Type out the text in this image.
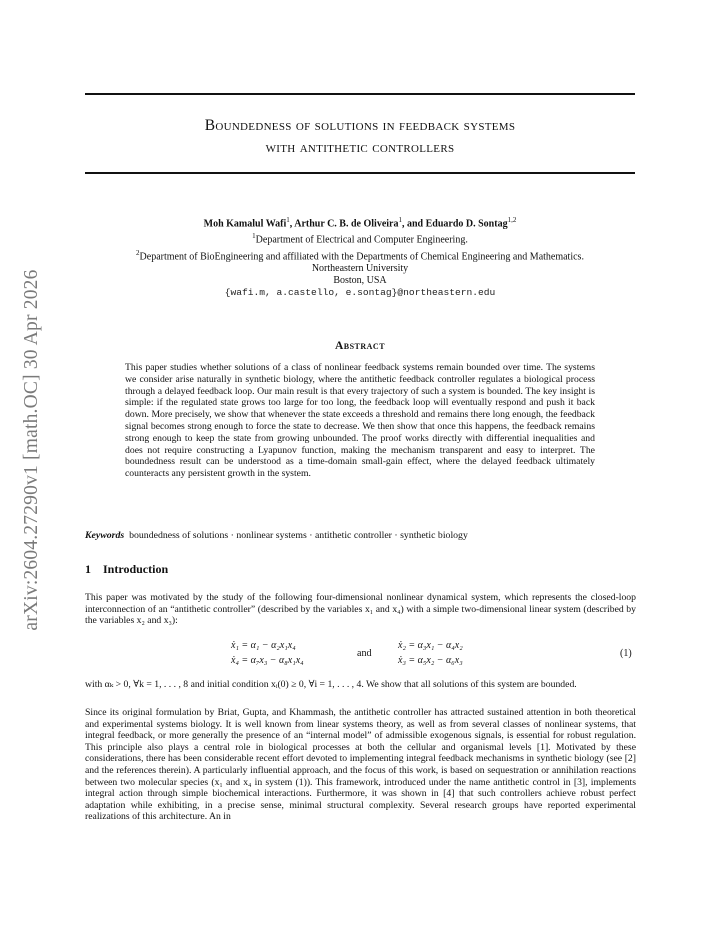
arXiv:2604.27290v1 [math.OC] 30 Apr 2026
Boundedness of solutions in feedback systems
with antithetic controllers
Moh Kamalul Wafi$^1$, Arthur C. B. de Oliveira$^1$, and Eduardo D. Sontag$^{1,2}$
$^1$Department of Electrical and Computer Engineering.
$^2$Department of BioEngineering and affiliated with the Departments of Chemical Engineering and Mathematics.
Northeastern University
Boston, USA
{wafi.m, a.castello, e.sontag}@northeastern.edu
Abstract
This paper studies whether solutions of a class of nonlinear feedback systems remain bounded over time. The systems we consider arise naturally in synthetic biology, where the antithetic feedback controller regulates a biological process through a delayed feedback loop. Our main result is that every trajectory of such a system is bounded. The key insight is simple: if the regulated state grows too large for too long, the feedback loop will eventually respond and push it back down. More precisely, we show that whenever the state exceeds a threshold and remains there long enough, the feedback signal becomes strong enough to force the state to decrease. We then show that once this happens, the feedback remains strong enough to keep the state from growing unbounded. The proof works directly with differential inequalities and does not require constructing a Lyapunov function, making the mechanism transparent and easy to interpret. The boundedness result can be understood as a time-domain small-gain effect, where the delayed feedback ultimately counteracts any persistent growth in the system.
Keywords boundedness of solutions · nonlinear systems · antithetic controller · synthetic biology
1 Introduction
This paper was motivated by the study of the following four-dimensional nonlinear dynamical system, which represents the closed-loop interconnection of an “antithetic controller” (described by the variables x₁ and x₄) with a simple two-dimensional linear system (described by the variables x₂ and x₃):
ẋ₁ = α₁ − α₂x₁x₄
ẋ₄ = α₇x₃ − α₈x₁x₄
and
ẋ₂ = α₃x₁ − α₄x₂
ẋ₃ = α₅x₂ − α₆x₃
(1)
with αₖ > 0, ∀k = 1, . . . , 8 and initial condition xᵢ(0) ≥ 0, ∀i = 1, . . . , 4. We show that all solutions of this system are bounded.
Since its original formulation by Briat, Gupta, and Khammash, the antithetic controller has attracted sustained attention in both theoretical and experimental systems biology. It is well known from linear systems theory, as well as from several classes of nonlinear systems, that integral feedback, or more generally the presence of an “internal model” of admissible exogenous signals, is essential for robust regulation. This principle also plays a central role in biological processes at both the cellular and organismal levels [1]. Motivated by these considerations, there has been considerable recent effort devoted to implementing integral feedback mechanisms in synthetic biology (see [2] and the references therein). A particularly influential approach, and the focus of this work, is based on sequestration or annihilation reactions between two molecular species (x₁ and x₄ in system (1)). This framework, introduced under the name antithetic control in [3], implements integral action through simple biochemical interactions. Furthermore, it was shown in [4] that such controllers achieve robust perfect adaptation while exhibiting, in a precise sense, minimal structural complexity. Several research groups have reported experimental realizations of this architecture. An in
